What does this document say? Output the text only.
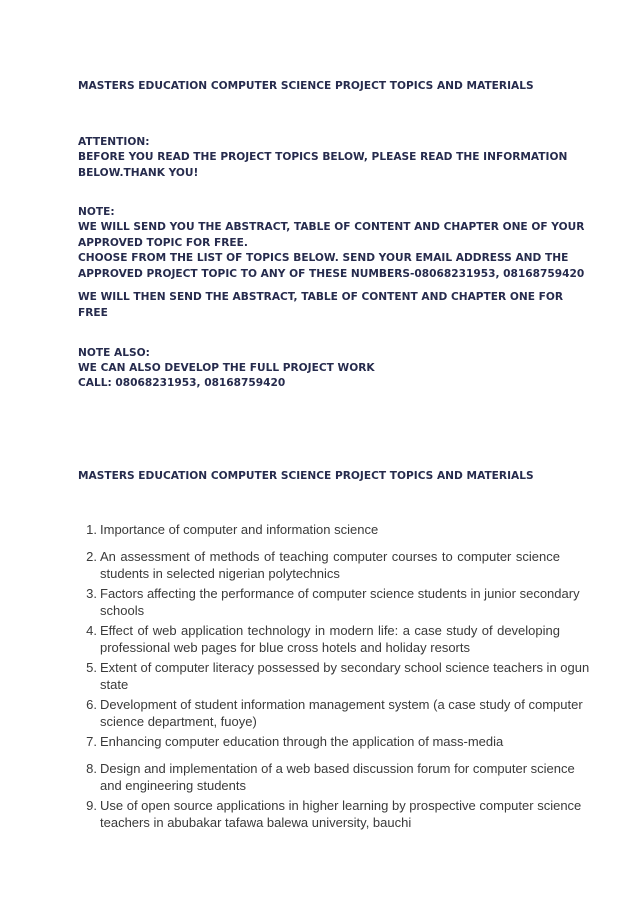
MASTERS EDUCATION COMPUTER SCIENCE PROJECT TOPICS AND MATERIALS
ATTENTION:
BEFORE YOU READ THE PROJECT TOPICS BELOW, PLEASE READ THE INFORMATION
BELOW.THANK YOU!
NOTE:
WE WILL SEND YOU THE ABSTRACT, TABLE OF CONTENT AND CHAPTER ONE OF YOUR
APPROVED TOPIC FOR FREE.
CHOOSE FROM THE LIST OF TOPICS BELOW. SEND YOUR EMAIL ADDRESS AND THE
APPROVED PROJECT TOPIC TO ANY OF THESE NUMBERS-08068231953, 08168759420
WE WILL THEN SEND THE ABSTRACT, TABLE OF CONTENT AND CHAPTER ONE FOR
FREE
NOTE ALSO:
WE CAN ALSO DEVELOP THE FULL PROJECT WORK
CALL: 08068231953, 08168759420
MASTERS EDUCATION COMPUTER SCIENCE PROJECT TOPICS AND MATERIALS
1. Importance of computer and information science
2. An assessment of methods of teaching computer courses to computer science
students in selected nigerian polytechnics
3. Factors affecting the performance of computer science students in junior secondary
schools
4. Effect of web application technology in modern life: a case study of developing
professional web pages for blue cross hotels and holiday resorts
5. Extent of computer literacy possessed by secondary school science teachers in ogun
state
6. Development of student information management system (a case study of computer
science department, fuoye)
7. Enhancing computer education through the application of mass-media
8. Design and implementation of a web based discussion forum for computer science
and engineering students
9. Use of open source applications in higher learning by prospective computer science
teachers in abubakar tafawa balewa university, bauchi
